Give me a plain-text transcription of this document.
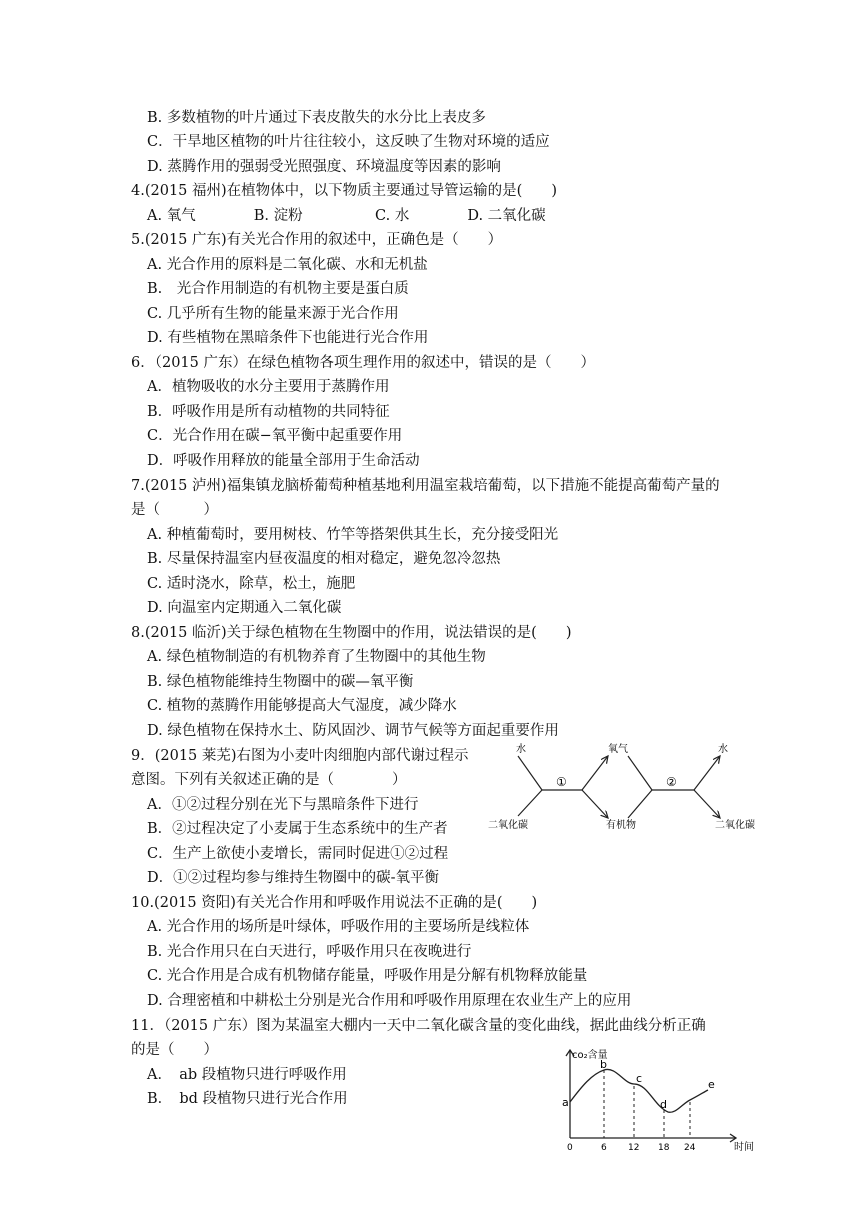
B. 多数植物的叶片通过下表皮散失的水分比上表皮多
C．干旱地区植物的叶片往往较小，这反映了生物对环境的适应
D. 蒸腾作用的强弱受光照强度、环境温度等因素的影响
4.(2015 福州)在植物体中，以下物质主要通过导管运输的是(　　)
A. 氧气　　　　B. 淀粉　　　　　C. 水　　　　D. 二氧化碳
5.(2015 广东)有关光合作用的叙述中，正确色是（　　）
A. 光合作用的原料是二氧化碳、水和无机盐
B.　光合作用制造的有机物主要是蛋白质
C. 几乎所有生物的能量来源于光合作用
D. 有些植物在黑暗条件下也能进行光合作用
6．（2015 广东）在绿色植物各项生理作用的叙述中，错误的是（　　）
A．植物吸收的水分主要用于蒸腾作用
B．呼吸作用是所有动植物的共同特征
C．光合作用在碳−氧平衡中起重要作用
D．呼吸作用释放的能量全部用于生命活动
7.(2015 泸州)福集镇龙脑桥葡萄种植基地利用温室栽培葡萄，以下措施不能提高葡萄产量的
是（　　　）
A. 种植葡萄时，要用树枝、竹竿等搭架供其生长，充分接受阳光
B. 尽量保持温室内昼夜温度的相对稳定，避免忽冷忽热
C. 适时浇水，除草，松土，施肥
D. 向温室内定期通入二氧化碳
8.(2015 临沂)关于绿色植物在生物圈中的作用，说法错误的是(　　)
A. 绿色植物制造的有机物养育了生物圈中的其他生物
B. 绿色植物能维持生物圈中的碳—氧平衡
C. 植物的蒸腾作用能够提高大气湿度，减少降水
D. 绿色植物在保持水土、防风固沙、调节气候等方面起重要作用
9．(2015 莱芜)右图为小麦叶肉细胞内部代谢过程示
意图。下列有关叙述正确的是（　　　　）
A．①②过程分别在光下与黑暗条件下进行
B．②过程决定了小麦属于生态系统中的生产者
C．生产上欲使小麦增长，需同时促进①②过程
D．①②过程均参与维持生物圈中的碳-氧平衡
10.(2015 资阳)有关光合作用和呼吸作用说法不正确的是(　　)
A. 光合作用的场所是叶绿体，呼吸作用的主要场所是线粒体
B. 光合作用只在白天进行，呼吸作用只在夜晚进行
C. 光合作用是合成有机物储存能量，呼吸作用是分解有机物释放能量
D. 合理密植和中耕松土分别是光合作用和呼吸作用原理在农业生产上的应用
11．（2015 广东）图为某温室大棚内一天中二氧化碳含量的变化曲线，据此曲线分析正确
的是（　　）
A．　ab 段植物只进行呼吸作用
B．　bd 段植物只进行光合作用
水	氧气	水
二氧化碳	有机物	二氧化碳
①	②
co₂含量
时间
a
b
c
d
e
0	6 12 18 24
